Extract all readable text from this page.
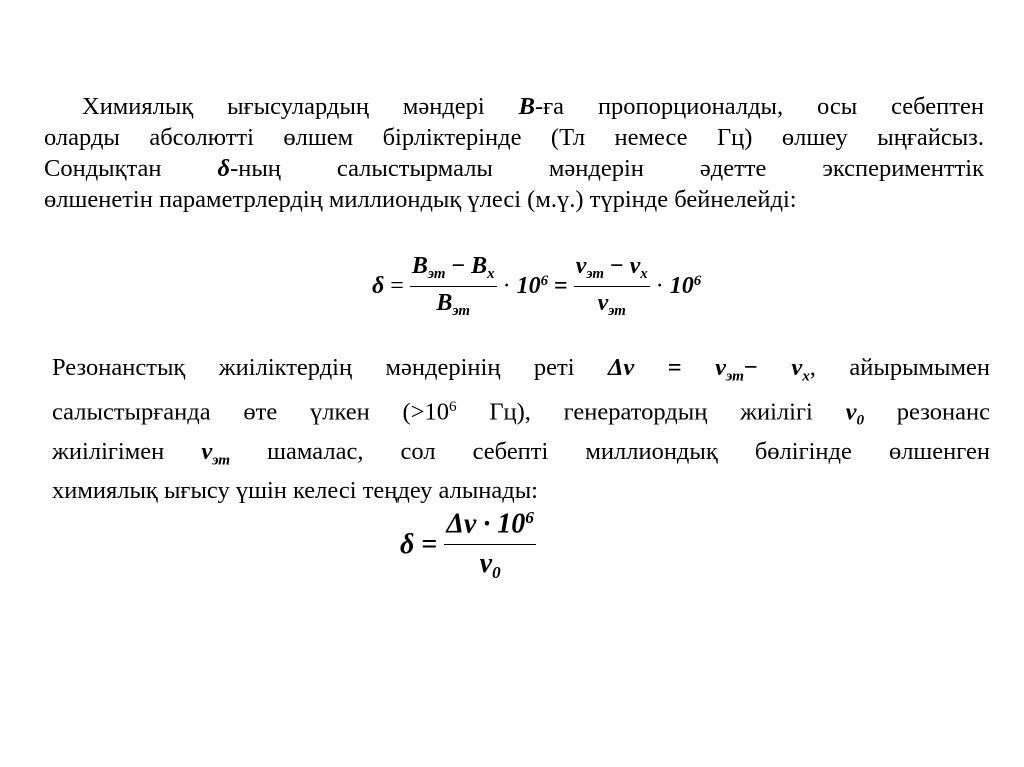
Химиялық ығысулардың мәндері B-ға пропорционалды, осы себептен
оларды абсолютті өлшем бірліктерінде (Тл немесе Гц) өлшеу ыңғайсыз.
Сондықтан δ-ның салыстырмалы мәндерін әдетте эксперименттік
өлшенетін параметрлердің миллиондық үлесі (м.ү.) түрінде бейнелейді:
$\delta = \frac{B_{эт} - B_x}{B_{эт}} \cdot 10^6 = \frac{\nu_{эт} - \nu_x}{\nu_{эт}} \cdot 10^6$
Резонанстық жиіліктердің мәндерінің реті $\Delta\nu = \nu_{эт}- \nu_x$, айырымымен
салыстырғанда өте үлкен ($>10^6$ Гц), генератордың жиілігі $\nu_0$ резонанс
жиілігімен $\nu_{эт}$ шамалас, сол себепті миллиондық бөлігінде өлшенген
химиялық ығысу үшін келесі теңдеу алынады:
$\delta = \frac{\Delta\nu \cdot 10^6}{\nu_0}$
